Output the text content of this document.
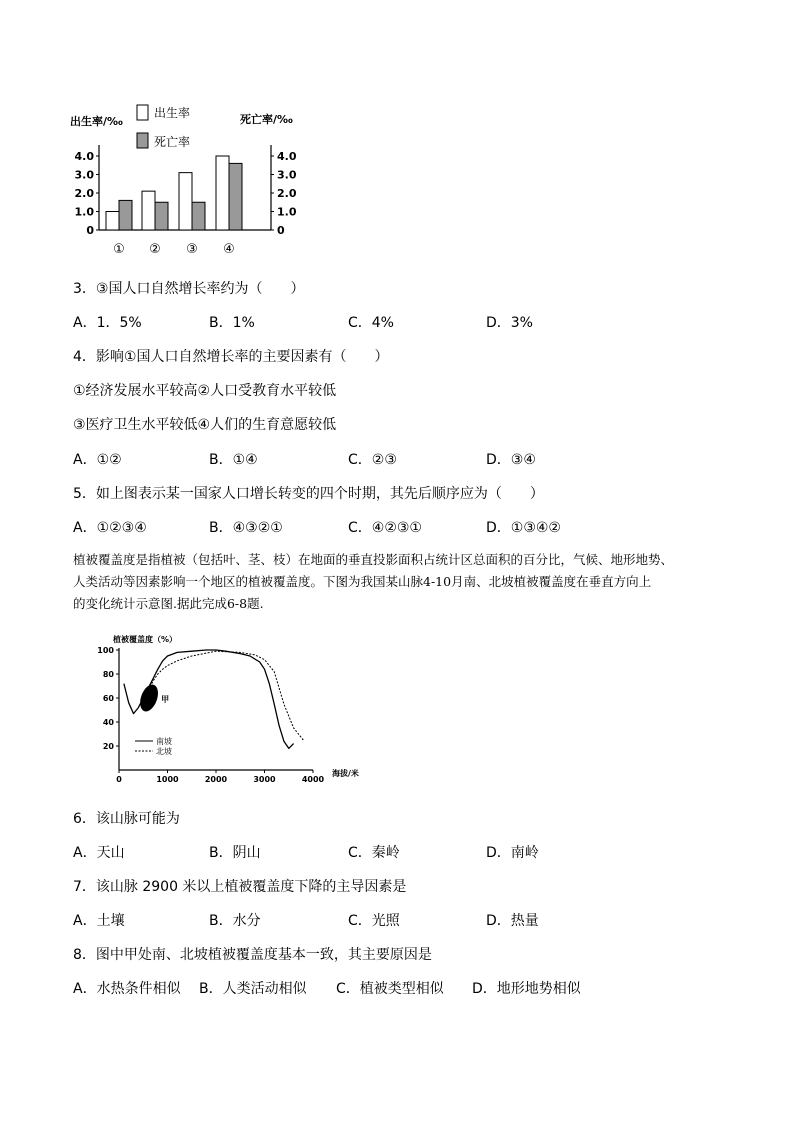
出生率/‰	死亡率/‰
出生率
死亡率
0	0
1.0	1.0
2.0	2.0
3.0	3.0
4.0	4.0
① ② ③ ④
3．③国人口自然增长率约为（　　）
A．1．5%	B．1%	C．4%	D．3%
4．影响①国人口自然增长率的主要因素有（　　）
①经济发展水平较高②人口受教育水平较低
③医疗卫生水平较低④人们的生育意愿较低
A．①②	B．①④	C．②③	D．③④
5．如上图表示某一国家人口增长转变的四个时期，其先后顺序应为（　　）
A．①②③④	B．④③②①	C．④②③①	D．①③④②

植被覆盖度是指植被（包括叶、茎、枝）在地面的垂直投影面积占统计区总面积的百分比，气候、地形地势、

人类活动等因素影响一个地区的植被覆盖度。下图为我国某山脉4-10月南、北坡植被覆盖度在垂直方向上

的变化统计示意图.据此完成6-8题.

植被覆盖度（%）
海拔/米
20
40
60
80
100
0	1000	2000	3000	4000
甲
南坡
北坡
6．该山脉可能为
A．天山	B．阴山	C．秦岭	D．南岭
7．该山脉 2900 米以上植被覆盖度下降的主导因素是
A．土壤	B．水分	C．光照	D．热量
8．图中甲处南、北坡植被覆盖度基本一致，其主要原因是
A．水热条件相似 B．人类活动相似 C．植被类型相似 D．地形地势相似
